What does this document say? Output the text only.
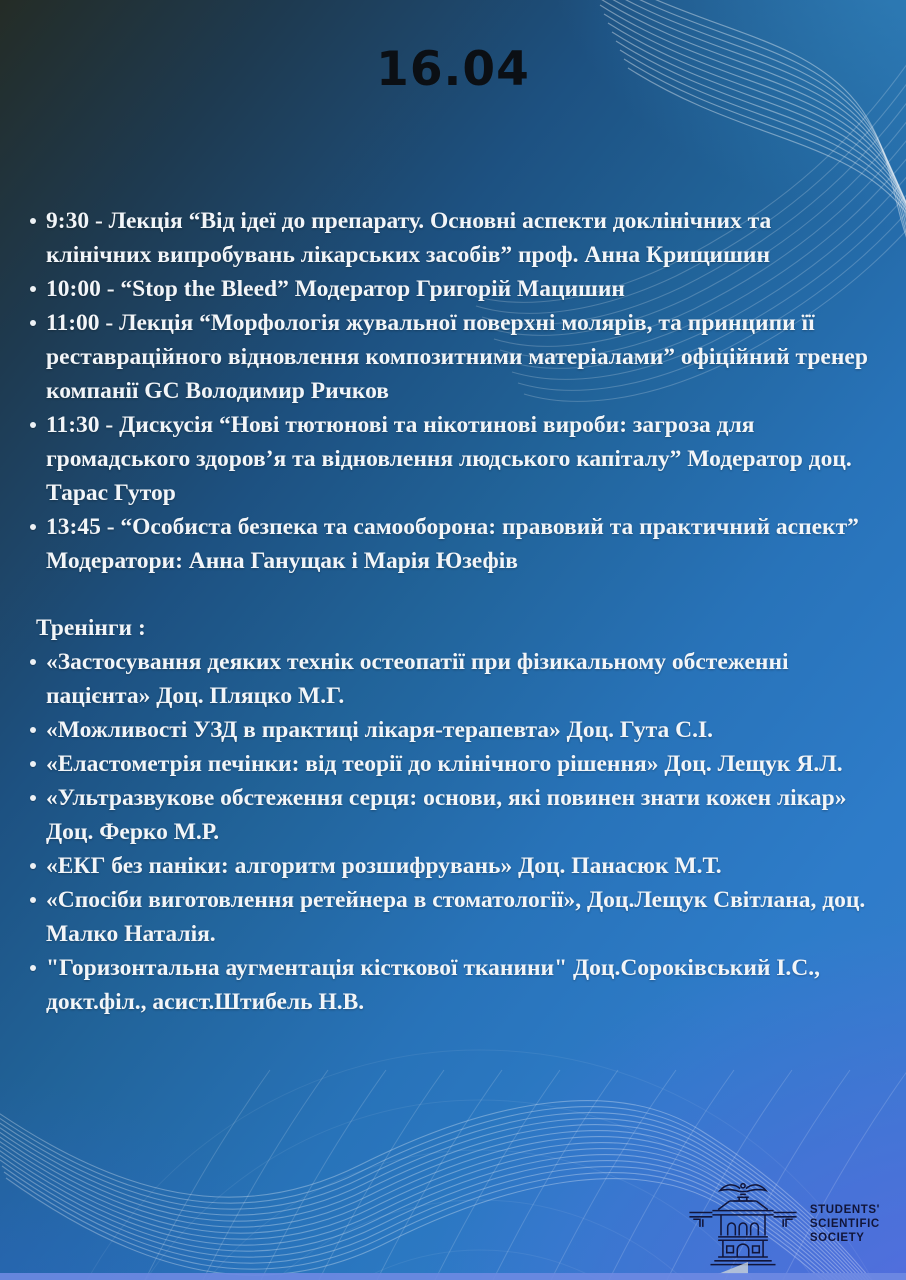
16.04
9:30 - Лекція “Від ідеї до препарату. Основні аспекти доклінічних та клінічних випробувань лікарських засобів” проф. Анна Крищишин
10:00 - “Stop the Bleed” Модератор Григорій Мацишин
11:00 - Лекція “Морфологія жувальної поверхні молярів, та принципи її реставраційного відновлення композитними матеріалами” офіційний тренер компанії GC Володимир Ричков
11:30 - Дискусія “Нові тютюнові та нікотинові вироби: загроза для громадського здоров’я та відновлення людського капіталу” Модератор доц. Тарас Гутор
13:45 - “Особиста безпека та самооборона: правовий та практичний аспект” Модератори: Анна Ганущак і Марія Юзефів

Тренінги :

«Застосування деяких технік остеопатії при фізикальному обстеженні пацієнта» Доц. Пляцко М.Г.
«Можливості УЗД в практиці лікаря-терапевта» Доц. Гута С.І.
«Еластометрія печінки: від теорії до клінічного рішення» Доц. Лещук Я.Л.
«Ультразвукове обстеження серця: основи, які повинен знати кожен лікар» Доц. Ферко М.Р.
«ЕКГ без паніки: алгоритм розшифрувань» Доц. Панасюк М.Т.
«Спосіби виготовлення ретейнера в стоматології», Доц.Лещук Світлана, доц. Малко Наталія.
"Горизонтальна аугментація кісткової тканини" Доц.Сороківський І.С., докт.філ., асист.Штибель Н.В.
STUDENTS'
SCIENTIFIC
SOCIETY
